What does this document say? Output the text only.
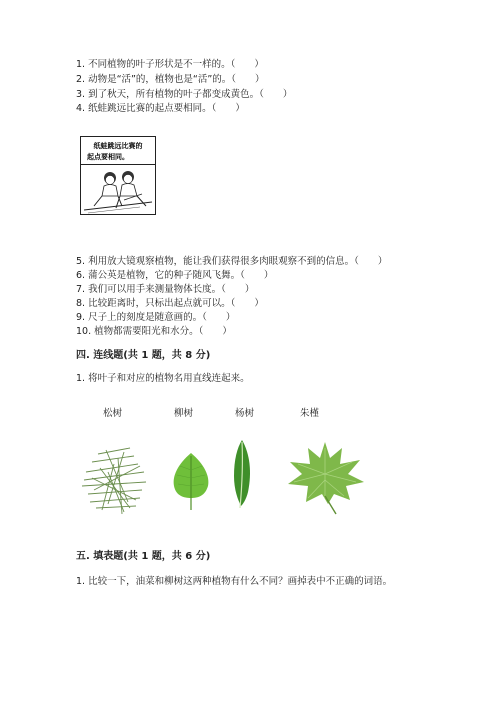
1. 不同植物的叶子形状是不一样的。（　　）
2. 动物是“活”的，植物也是“活”的。（　　）
3. 到了秋天，所有植物的叶子都变成黄色。（　　）
4. 纸蛙跳远比赛的起点要相同。（　　）
纸蛙跳远比赛的
起点要相同。
5. 利用放大镜观察植物，能让我们获得很多肉眼观察不到的信息。（　　）
6. 蒲公英是植物，它的种子随风飞舞。（　　）
7. 我们可以用手来测量物体长度。（　　）
8. 比较距离时，只标出起点就可以。（　　）
9. 尺子上的刻度是随意画的。（　　）
10. 植物都需要阳光和水分。（　　）
四. 连线题(共 1 题，共 8 分)
1. 将叶子和对应的植物名用直线连起来。
松树	柳树	杨树	朱槿
五. 填表题(共 1 题，共 6 分)
1. 比较一下，油菜和柳树这两种植物有什么不同？画掉表中不正确的词语。
